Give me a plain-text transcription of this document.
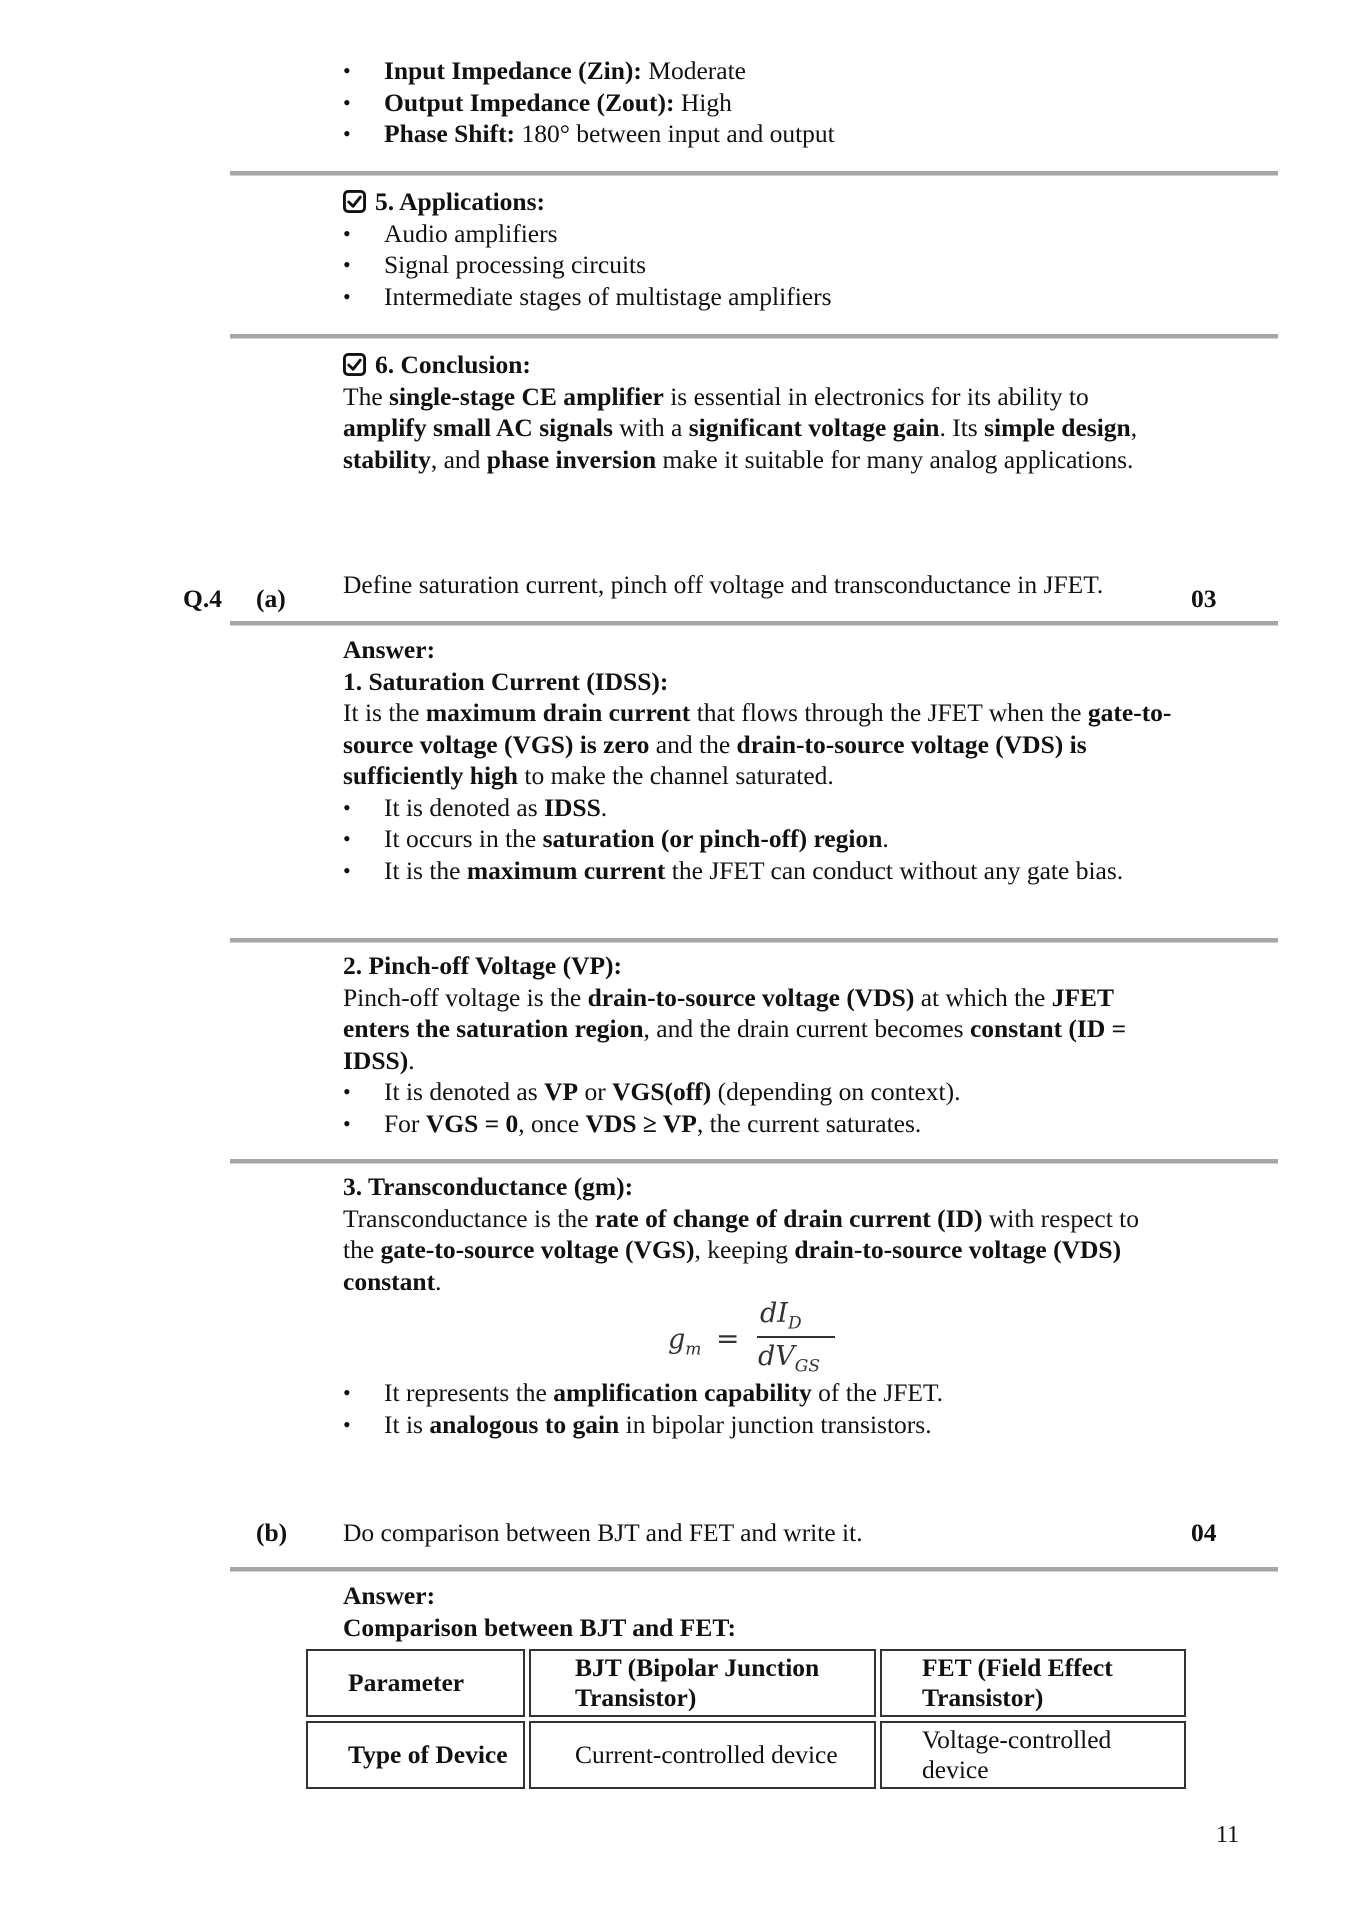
• Input Impedance (Zin): Moderate
• Output Impedance (Zout): High
• Phase Shift: 180° between input and output
5. Applications:
• Audio amplifiers
• Signal processing circuits
• Intermediate stages of multistage amplifiers
6. Conclusion:
The single-stage CE amplifier is essential in electronics for its ability to amplify small AC signals with a significant voltage gain. Its simple design, stability, and phase inversion make it suitable for many analog applications.
Q.4 (a) Define saturation current, pinch off voltage and transconductance in JFET.	03
Answer:
1. Saturation Current (IDSS):
It is the maximum drain current that flows through the JFET when the gate-to-source voltage (VGS) is zero and the drain-to-source voltage (VDS) is sufficiently high to make the channel saturated.
• It is denoted as IDSS.
• It occurs in the saturation (or pinch-off) region.
• It is the maximum current the JFET can conduct without any gate bias.
2. Pinch-off Voltage (VP):
Pinch-off voltage is the drain-to-source voltage (VDS) at which the JFET enters the saturation region, and the drain current becomes constant (ID = IDSS).
• It is denoted as VP or VGS(off) (depending on context).
• For VGS = 0, once VDS ≥ VP, the current saturates.
3. Transconductance (gm):
Transconductance is the rate of change of drain current (ID) with respect to the gate-to-source voltage (VGS), keeping drain-to-source voltage (VDS) constant.
$g_m$ =
$dI_D$
$dV_{GS}$
• It represents the amplification capability of the JFET.
• It is analogous to gain in bipolar junction transistors.
(b) Do comparison between BJT and FET and write it.	04
Answer:
Comparison between BJT and FET:
Parameter	BJT (Bipolar Junction Transistor)	FET (Field Effect Transistor)
Type of Device	Current-controlled device	Voltage-controlled device
11
